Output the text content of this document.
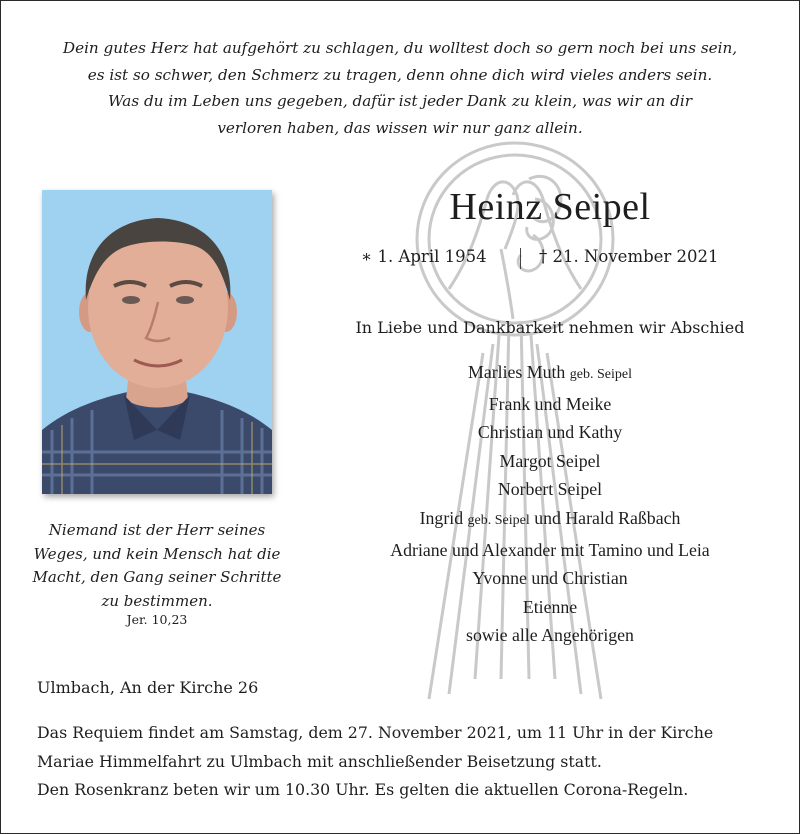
Dein gutes Herz hat aufgehört zu schlagen, du wolltest doch so gern noch bei uns sein,
es ist so schwer, den Schmerz zu tragen, denn ohne dich wird vieles anders sein.
Was du im Leben uns gegeben, dafür ist jeder Dank zu klein, was wir an dir
verloren haben, das wissen wir nur ganz allein.
Niemand ist der Herr seines
Weges, und kein Mensch hat die
Macht, den Gang seiner Schritte
zu bestimmen.
Jer. 10,23
Heinz Seipel
∗ 1. April 1954	† 21. November 2021
In Liebe und Dankbarkeit nehmen wir Abschied
Marlies Muth geb. Seipel
Frank und Meike
Christian und Kathy
Margot Seipel
Norbert Seipel
Ingrid geb. Seipel und Harald Raßbach
Adriane und Alexander mit Tamino und Leia
Yvonne und Christian
Etienne
sowie alle Angehörigen
Ulmbach, An der Kirche 26
Das Requiem findet am Samstag, dem 27. November 2021, um 11 Uhr in der Kirche
Mariae Himmelfahrt zu Ulmbach mit anschließender Beisetzung statt.
Den Rosenkranz beten wir um 10.30 Uhr. Es gelten die aktuellen Corona-Regeln.
